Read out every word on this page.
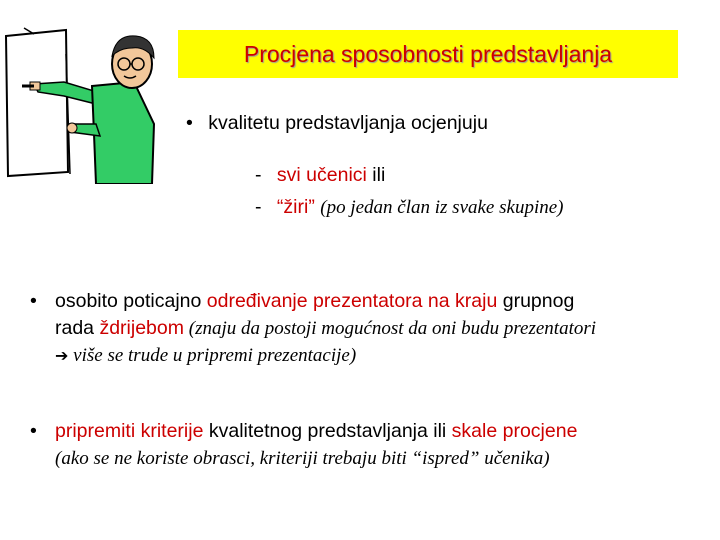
Procjena sposobnosti predstavljanja
• kvalitetu predstavljanja ocjenjuju
- svi učenici ili
- “žiri” (po jedan član iz svake skupine)
• osobito poticajno određivanje prezentatora na kraju grupnog
rada ždrijebom (znaju da postoji mogućnost da oni budu prezentatori
➔ više se trude u pripremi prezentacije)
• pripremiti kriterije kvalitetnog predstavljanja ili skale procjene
(ako se ne koriste obrasci, kriteriji trebaju biti “ispred” učenika)
